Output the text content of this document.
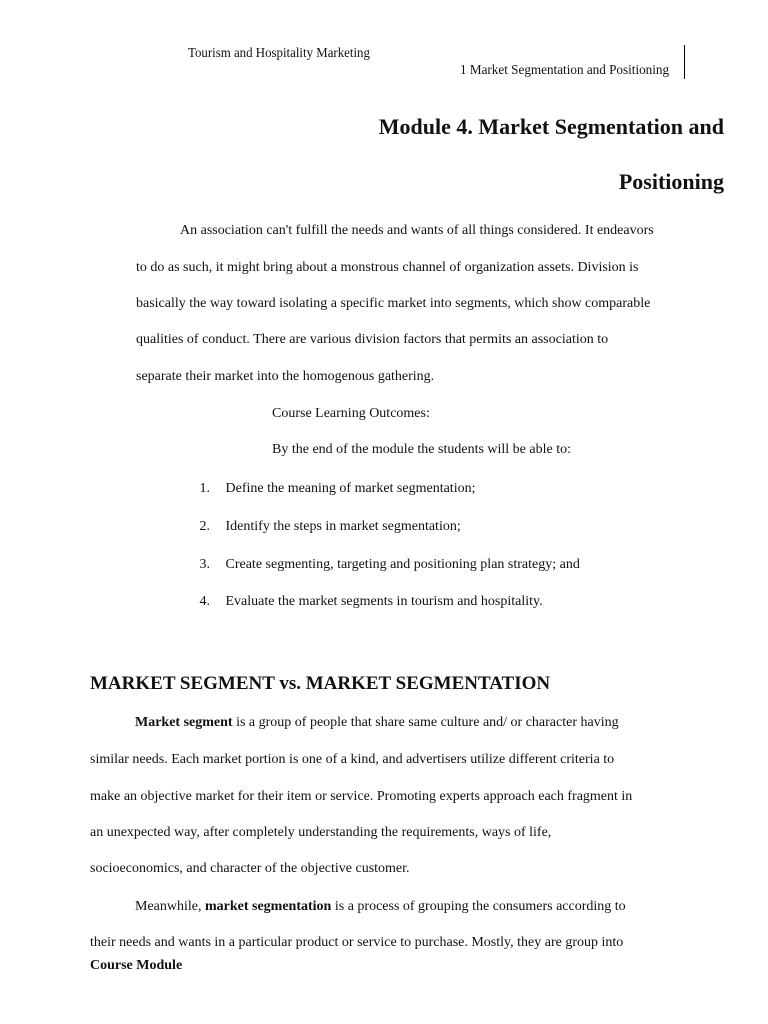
Tourism and Hospitality Marketing
1 Market Segmentation and Positioning
Module 4. Market Segmentation and
Positioning
An association can't fulfill the needs and wants of all things considered. It endeavors
to do as such, it might bring about a monstrous channel of organization assets. Division is
basically the way toward isolating a specific market into segments, which show comparable
qualities of conduct. There are various division factors that permits an association to
separate their market into the homogenous gathering.
Course Learning Outcomes:
By the end of the module the students will be able to:
1. Define the meaning of market segmentation;
2. Identify the steps in market segmentation;
3. Create segmenting, targeting and positioning plan strategy; and
4. Evaluate the market segments in tourism and hospitality.
MARKET SEGMENT vs. MARKET SEGMENTATION
Market segment is a group of people that share same culture and/ or character having
similar needs. Each market portion is one of a kind, and advertisers utilize different criteria to
make an objective market for their item or service. Promoting experts approach each fragment in
an unexpected way, after completely understanding the requirements, ways of life,
socioeconomics, and character of the objective customer.
Meanwhile, market segmentation is a process of grouping the consumers according to
their needs and wants in a particular product or service to purchase. Mostly, they are group into
Course Module
